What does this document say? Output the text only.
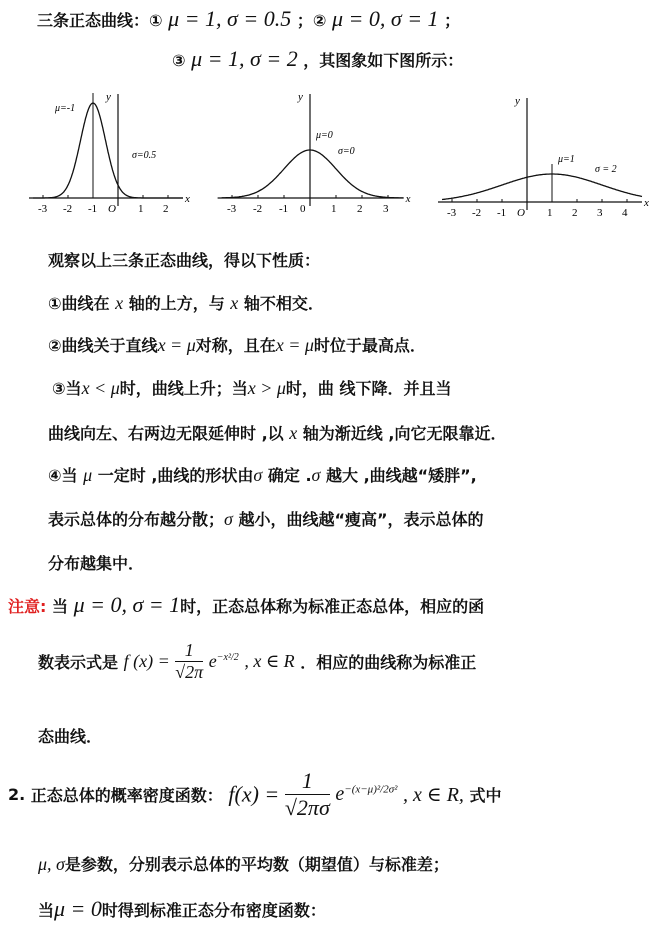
三条正态曲线：① μ = 1, σ = 0.5 ；② μ = 0, σ = 1 ；
③ μ = 1, σ = 2 ，其图象如下图所示：
x
y
-3 -2 -1 O 1 2
μ=-1
σ=0.5
x
y
-3 -2 -1 0 1 2 3
μ=0
σ=0
x
y
-3 -2 -1 O 1 2 3 4
μ=1
σ = 2
观察以上三条正态曲线，得以下性质：
①曲线在 x 轴的上方，与 x 轴不相交．
②曲线关于直线x = μ对称，且在x = μ时位于最高点．
③当x < μ时，曲线上升；当x > μ时，曲 线下降．并且当
曲线向左、右两边无限延伸时 ,以 x 轴为渐近线 ,向它无限靠近．
④当 μ 一定时 ,曲线的形状由σ 确定 .σ 越大 ,曲线越“矮胖”,
表示总体的分布越分散；σ 越小，曲线越“瘦高”，表示总体的
分布越集中．
注意: 当 μ = 0, σ = 1时，正态总体称为标准正态总体，相应的函
数表示式是 f $(x) = \frac{1}{√2\pi} e^{-x^2/2}$ , x ∈ R ．相应的曲线称为标准正
态曲线．
2. 正态总体的概率密度函数： $f(x) = \frac{1}{√2\pi\sigma} e^{-(x-\mu)^2/2\sigma^2}$ , x ∈ R, 式中
μ, σ是参数，分别表示总体的平均数（期望值）与标准差；
当μ = 0时得到标准正态分布密度函数：
